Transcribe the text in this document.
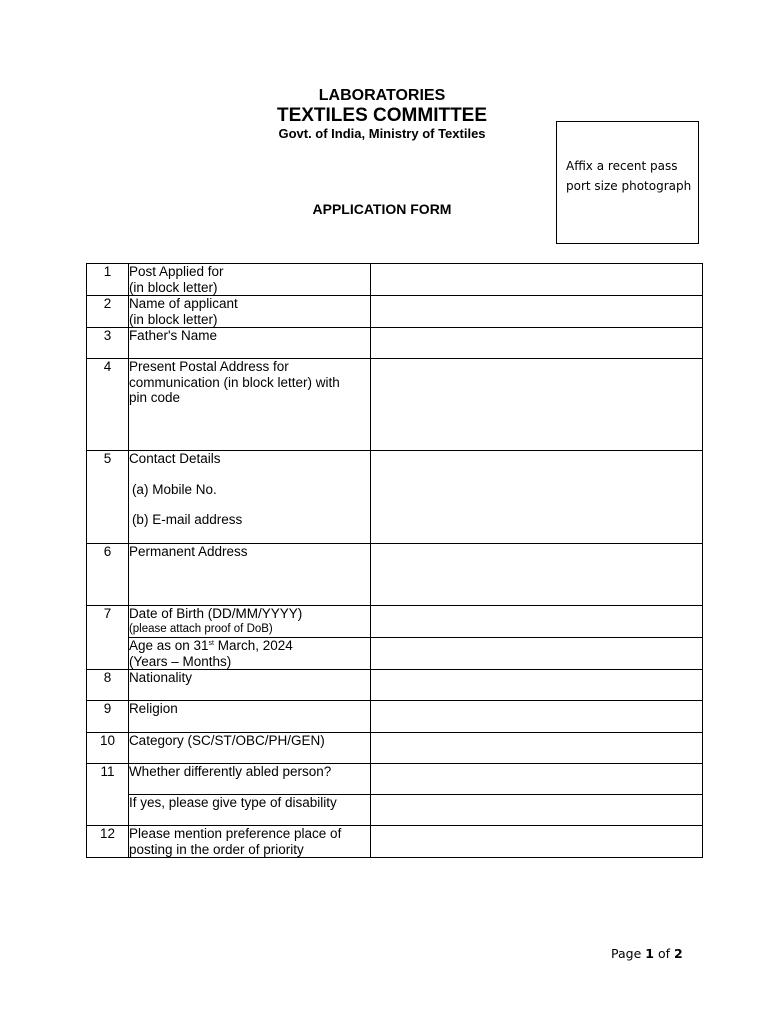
LABORATORIES
TEXTILES COMMITTEE
Govt. of India, Ministry of Textiles
APPLICATION FORM
Affix a recent pass
port size photograph
1	Post Applied for
(in block letter)	

2	Name of applicant
(in block letter)	

3	Father's Name	

4	Present Postal Address for
communication (in block letter) with
pin code	

5	Contact Details
(a) Mobile No.
(b) E-mail address	

6	Permanent Address	

7	Date of Birth (DD/MM/YYYY)
(please attach proof of DoB)	

	Age as on 31st March, 2024
(Years – Months)	

8	Nationality	

9	Religion	

10	Category (SC/ST/OBC/PH/GEN)	

11	Whether differently abled person?	

	If yes, please give type of disability	

12	Please mention preference place of
posting in the order of priority	

Page 1 of 2
